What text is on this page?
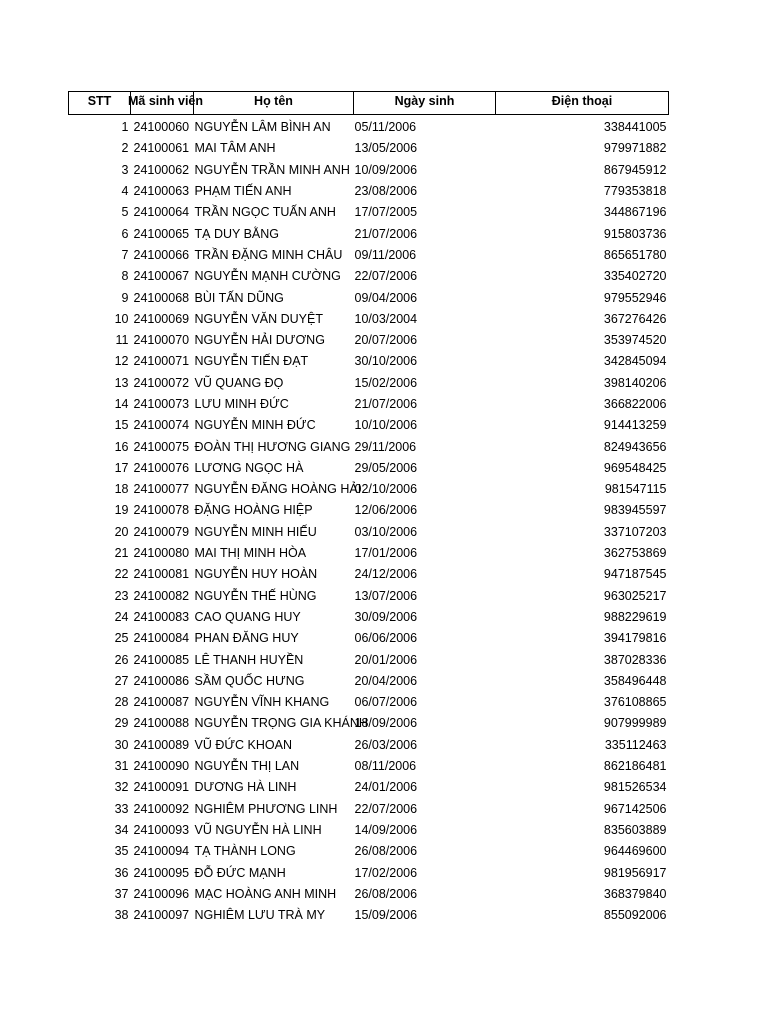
STT	Mã sinh viên	Họ tên	Ngày sinh	Điện thoại
1	24100060	NGUYỄN LÂM BÌNH AN	05/11/2006	338441005
2	24100061	MAI TÂM ANH	13/05/2006	979971882
3	24100062	NGUYỄN TRẦN MINH ANH	10/09/2006	867945912
4	24100063	PHẠM TIẾN ANH	23/08/2006	779353818
5	24100064	TRẦN NGỌC TUẤN ANH	17/07/2005	344867196
6	24100065	TẠ DUY BẰNG	21/07/2006	915803736
7	24100066	TRẦN ĐẶNG MINH CHÂU	09/11/2006	865651780
8	24100067	NGUYỄN MẠNH CƯỜNG	22/07/2006	335402720
9	24100068	BÙI TẤN DŨNG	09/04/2006	979552946
10	24100069	NGUYỄN VĂN DUYỆT	10/03/2004	367276426
11	24100070	NGUYỄN HẢI DƯƠNG	20/07/2006	353974520
12	24100071	NGUYỄN TIẾN ĐẠT	30/10/2006	342845094
13	24100072	VŨ QUANG ĐỌ	15/02/2006	398140206
14	24100073	LƯU MINH ĐỨC	21/07/2006	366822006
15	24100074	NGUYỄN MINH ĐỨC	10/10/2006	914413259
16	24100075	ĐOÀN THỊ HƯƠNG GIANG	29/11/2006	824943656
17	24100076	LƯƠNG NGỌC HÀ	29/05/2006	969548425
18	24100077	NGUYỄN ĐĂNG HOÀNG HẢI	02/10/2006	981547115
19	24100078	ĐẶNG HOÀNG HIỆP	12/06/2006	983945597
20	24100079	NGUYỄN MINH HIẾU	03/10/2006	337107203
21	24100080	MAI THỊ MINH HÒA	17/01/2006	362753869
22	24100081	NGUYỄN HUY HOÀN	24/12/2006	947187545
23	24100082	NGUYỄN THẾ HÙNG	13/07/2006	963025217
24	24100083	CAO QUANG HUY	30/09/2006	988229619
25	24100084	PHAN ĐĂNG HUY	06/06/2006	394179816
26	24100085	LÊ THANH HUYỀN	20/01/2006	387028336
27	24100086	SẦM QUỐC HƯNG	20/04/2006	358496448
28	24100087	NGUYỄN VĨNH KHANG	06/07/2006	376108865
29	24100088	NGUYỄN TRỌNG GIA KHÁNH	18/09/2006	907999989
30	24100089	VŨ ĐỨC KHOAN	26/03/2006	335112463
31	24100090	NGUYỄN THỊ LAN	08/11/2006	862186481
32	24100091	DƯƠNG HÀ LINH	24/01/2006	981526534
33	24100092	NGHIÊM PHƯƠNG LINH	22/07/2006	967142506
34	24100093	VŨ NGUYỄN HÀ LINH	14/09/2006	835603889
35	24100094	TẠ THÀNH LONG	26/08/2006	964469600
36	24100095	ĐỖ ĐỨC MẠNH	17/02/2006	981956917
37	24100096	MẠC HOÀNG ANH MINH	26/08/2006	368379840
38	24100097	NGHIÊM LƯU TRÀ MY	15/09/2006	855092006
